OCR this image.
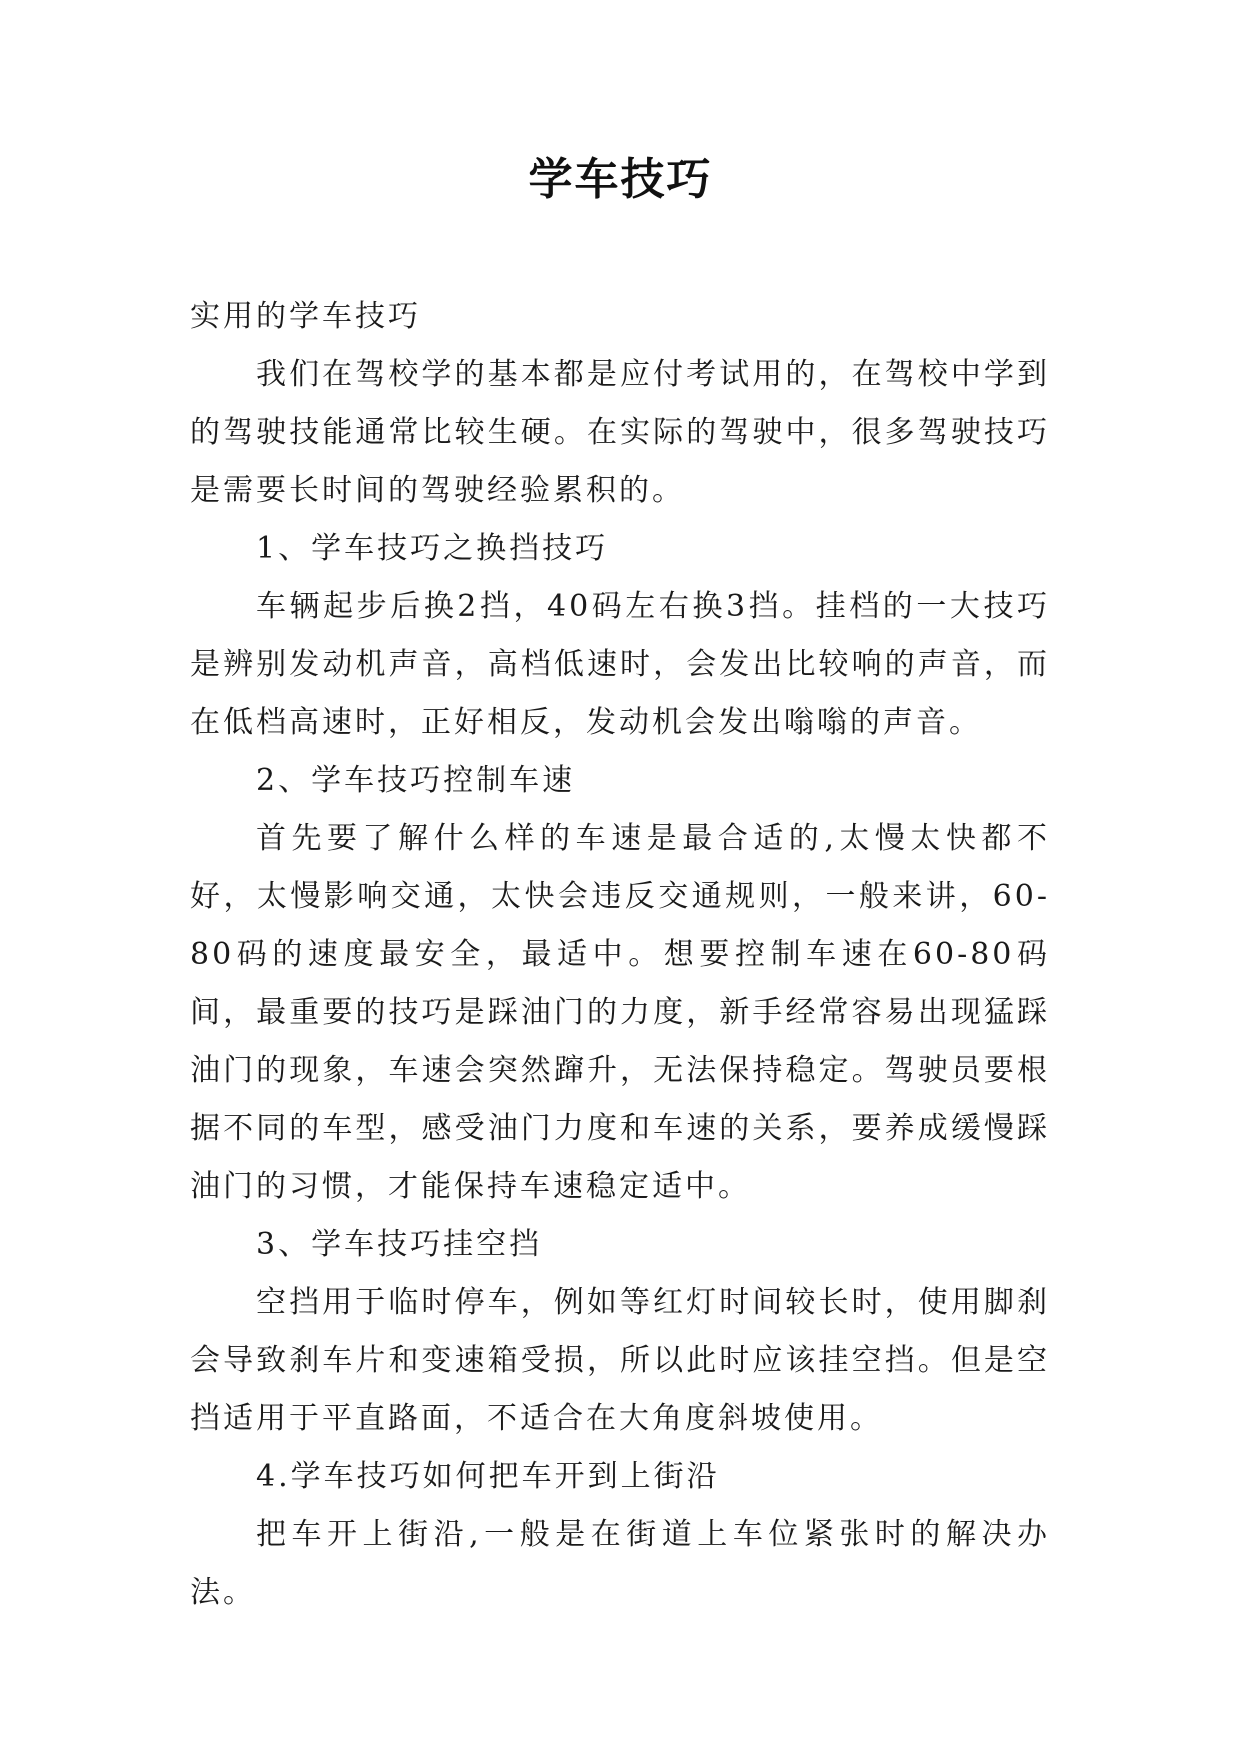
学车技巧

实用的学车技巧

我们在驾校学的基本都是应付考试用的，在驾校中学到的驾驶技能通常比较生硬。在实际的驾驶中，很多驾驶技巧是需要长时间的驾驶经验累积的。

1、学车技巧之换挡技巧

车辆起步后换2挡，40码左右换3挡。挂档的一大技巧是辨别发动机声音，高档低速时，会发出比较响的声音，而在低档高速时，正好相反，发动机会发出嗡嗡的声音。

2、学车技巧控制车速

首先要了解什么样的车速是最合适的,太慢太快都不好，太慢影响交通，太快会违反交通规则，一般来讲，60-80码的速度最安全，最适中。想要控制车速在60-80码间，最重要的技巧是踩油门的力度，新手经常容易出现猛踩油门的现象，车速会突然蹿升，无法保持稳定。驾驶员要根据不同的车型，感受油门力度和车速的关系，要养成缓慢踩油门的习惯，才能保持车速稳定适中。

3、学车技巧挂空挡

空挡用于临时停车，例如等红灯时间较长时，使用脚刹会导致刹车片和变速箱受损，所以此时应该挂空挡。但是空挡适用于平直路面，不适合在大角度斜坡使用。

4.学车技巧如何把车开到上街沿

把车开上街沿,一般是在街道上车位紧张时的解决办法。
